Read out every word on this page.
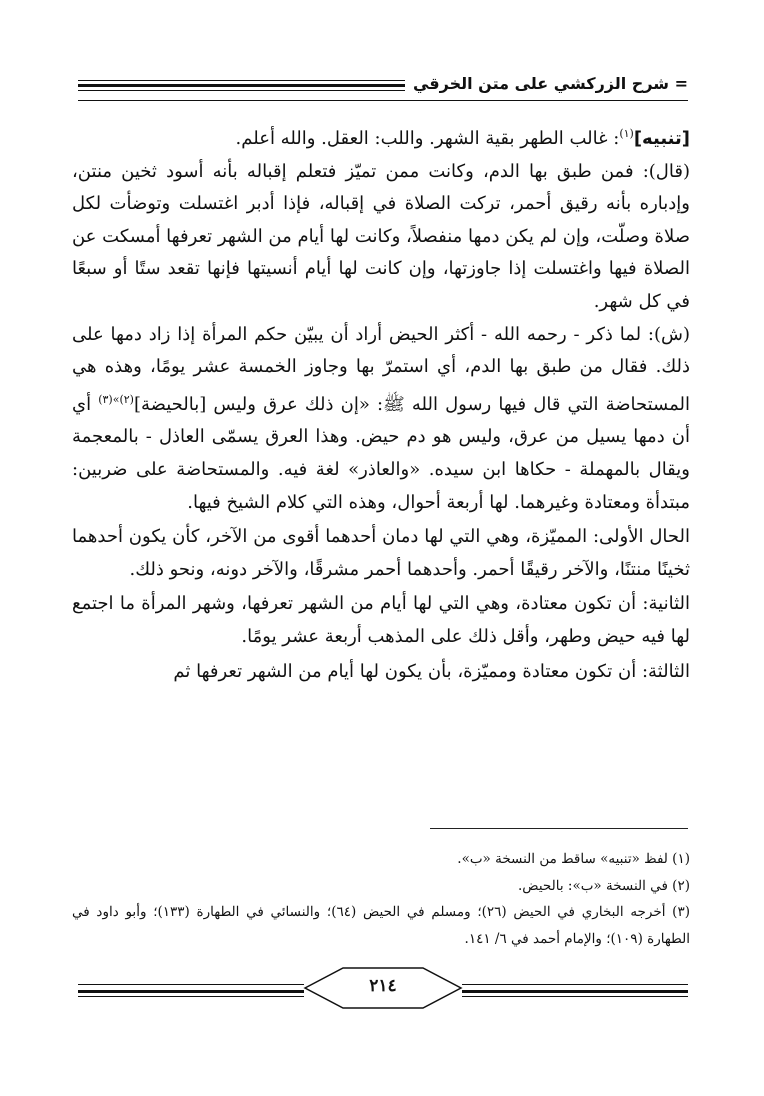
= شرح الزركشي على متن الخرقي

[تنبيه]$^{(١)}$: غالب الطهر بقية الشهر. واللب: العقل. والله أعلم.

(قال): فمن طبق بها الدم، وكانت ممن تميّز فتعلم إقباله بأنه أسود ثخين منتن، وإدباره بأنه رقيق أحمر، تركت الصلاة في إقباله، فإذا أدبر اغتسلت وتوضأت لكل صلاة وصلّت، وإن لم يكن دمها منفصلاً، وكانت لها أيام من الشهر تعرفها أمسكت عن الصلاة فيها واغتسلت إذا جاوزتها، وإن كانت لها أيام أنسيتها فإنها تقعد ستًا أو سبعًا في كل شهر.

(ش): لما ذكر - رحمه الله - أكثر الحيض أراد أن يبيّن حكم المرأة إذا زاد دمها على ذلك. فقال من طبق بها الدم، أي استمرّ بها وجاوز الخمسة عشر يومًا، وهذه هي المستحاضة التي قال فيها رسول الله ﷺ: «إن ذلك عرق وليس [بالحيضة]$^{(٢)»(٣)}$ أي أن دمها يسيل من عرق، وليس هو دم حيض. وهذا العرق يسمّى العاذل - بالمعجمة ويقال بالمهملة - حكاها ابن سيده. «والعاذر» لغة فيه. والمستحاضة على ضربين: مبتدأة ومعتادة وغيرهما. لها أربعة أحوال، وهذه التي كلام الشيخ فيها.

الحال الأولى: المميّزة، وهي التي لها دمان أحدهما أقوى من الآخر، كأن يكون أحدهما ثخينًا منتنًا، والآخر رقيقًا أحمر. وأحدهما أحمر مشرقًا، والآخر دونه، ونحو ذلك.

الثانية: أن تكون معتادة، وهي التي لها أيام من الشهر تعرفها، وشهر المرأة ما اجتمع لها فيه حيض وطهر، وأقل ذلك على المذهب أربعة عشر يومًا.

الثالثة: أن تكون معتادة ومميّزة، بأن يكون لها أيام من الشهر تعرفها ثم

(١) لفظ «تنبيه» ساقط من النسخة «ب».

(٢) في النسخة «ب»: بالحيض.

(٣) أخرجه البخاري في الحيض (٢٦)؛ ومسلم في الحيض (٦٤)؛ والنسائي في الطهارة (١٣٣)؛ وأبو داود في الطهارة (١٠٩)؛ والإمام أحمد في ٦/ ١٤١.

٢١٤
